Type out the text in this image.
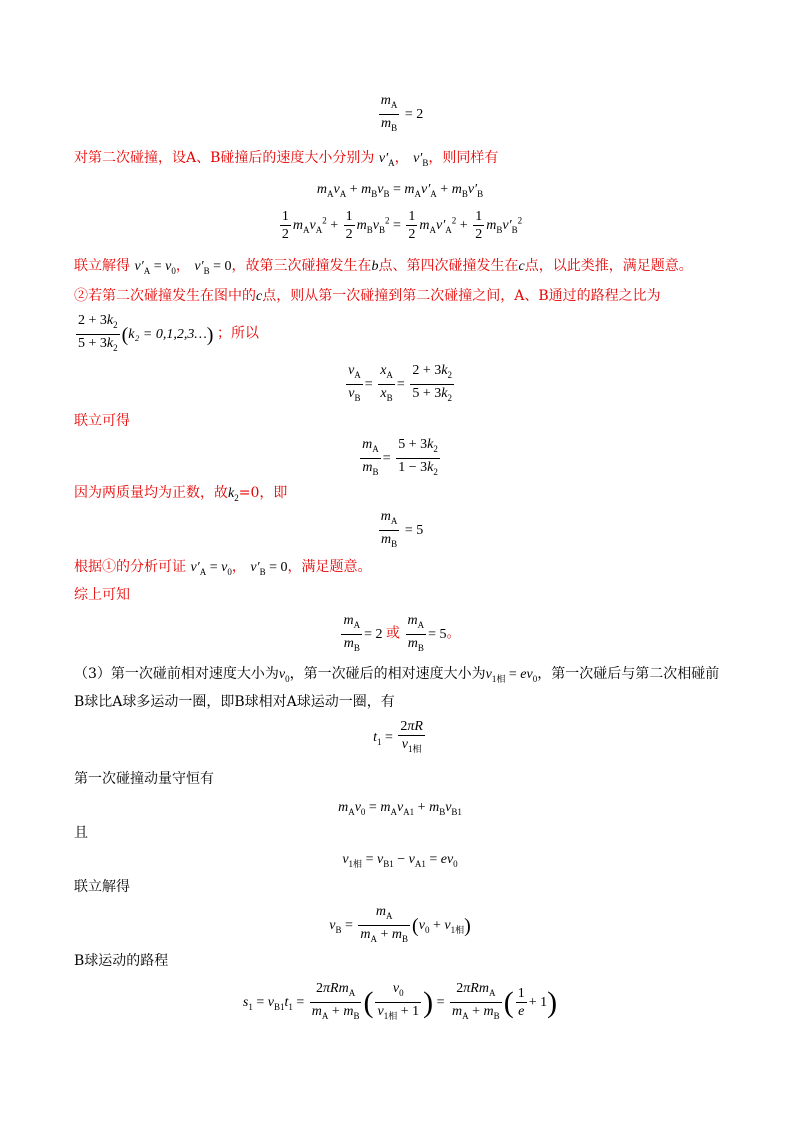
$\frac{m_A}{m_B} = 2$
对第二次碰撞，设A、B碰撞后的速度大小分别为 $v'_A$， $v'_B$，则同样有
$m_Av_A + m_Bv_B = m_Av'_A + m_Bv'_B$
$\frac{1}{2} m_Av_A^2 + \frac{1}{2} m_Bv_B^2 = \frac{1}{2} m_Av'_A^2 + \frac{1}{2} m_Bv'_B^2$
联立解得 $v'_A = v_0$， $v'_B = 0$，故第三次碰撞发生在b点、第四次碰撞发生在c点，以此类推，满足题意。
②若第二次碰撞发生在图中的c点，则从第一次碰撞到第二次碰撞之间，A、B通过的路程之比为
$\frac{2 + 3k_2}{5 + 3k_2} (k_2$ = 0,1,2,3…) ；所以
$\frac{v_A}{v_B} = \frac{x_A}{x_B} = \frac{2 + 3k_2}{5 + 3k_2}$
联立可得
$\frac{m_A}{m_B} = \frac{5 + 3k_2}{1 - 3k_2}$
因为两质量均为正数，故$k_2=0$，即
$\frac{m_A}{m_B} = 5$
根据①的分析可证 $v'_A = v_0$， $v'_B = 0$，满足题意。
综上可知
$\frac{m_A}{m_B} = 2$ 或 $\frac{m_A}{m_B} = 5$。
（3）第一次碰前相对速度大小为$v_0$，第一次碰后的相对速度大小为$v_{1相} = ev_0$，第一次碰后与第二次相碰前
B球比A球多运动一圈，即B球相对A球运动一圈，有
$t_1 = \frac{2\pi R}{v_{1相}}$
第一次碰撞动量守恒有
$m_Av_0 = m_Av_{A1} + m_Bv_{B1}$
且
$v_{1相} = v_{B1} - v_{A1} = ev_0$
联立解得
$v_B = \frac{m_A}{m_A + m_B} (v_0 + v_{1相})$
B球运动的路程
$s_1 = v_{B1}t_1 = \frac{2\pi Rm_A}{m_A + m_B}$ ( $\frac{v_0}{v_{1相} + 1}$ ) = $\frac{2\pi Rm_A}{m_A + m_B}$ ( $\frac{1}{e} + 1$)
